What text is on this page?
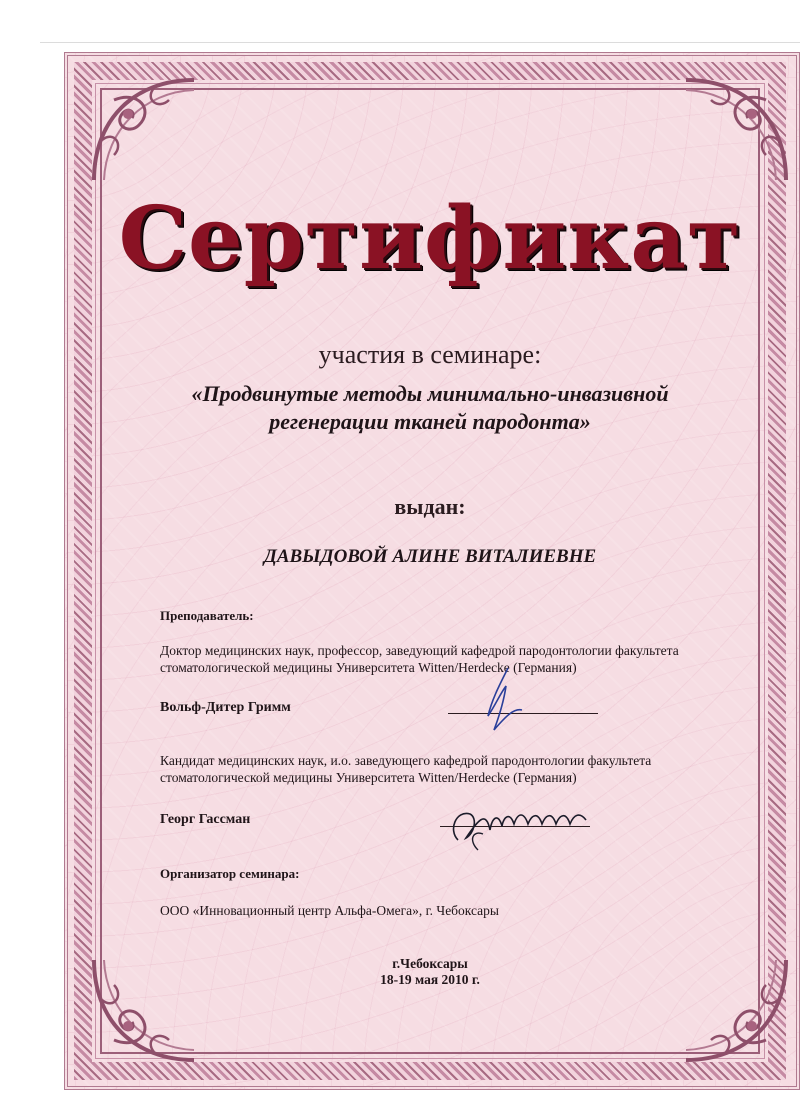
Сертификат
участия в семинаре:
«Продвинутые методы минимально-инвазивной
регенерации тканей пародонта»
выдан:
ДАВЫДОВОЙ АЛИНЕ ВИТАЛИЕВНЕ
Преподаватель:
Доктор медицинских наук, профессор, заведующий кафедрой пародонтологии факультета
стоматологической медицины Университета Witten/Herdecke (Германия)
Вольф-Дитер Гримм
Кандидат медицинских наук, и.о. заведующего кафедрой пародонтологии факультета
стоматологической медицины Университета Witten/Herdecke (Германия)
Георг Гассман
Организатор семинара:
ООО «Инновационный центр Альфа-Омега», г. Чебоксары
г.Чебоксары
18-19 мая 2010 г.
